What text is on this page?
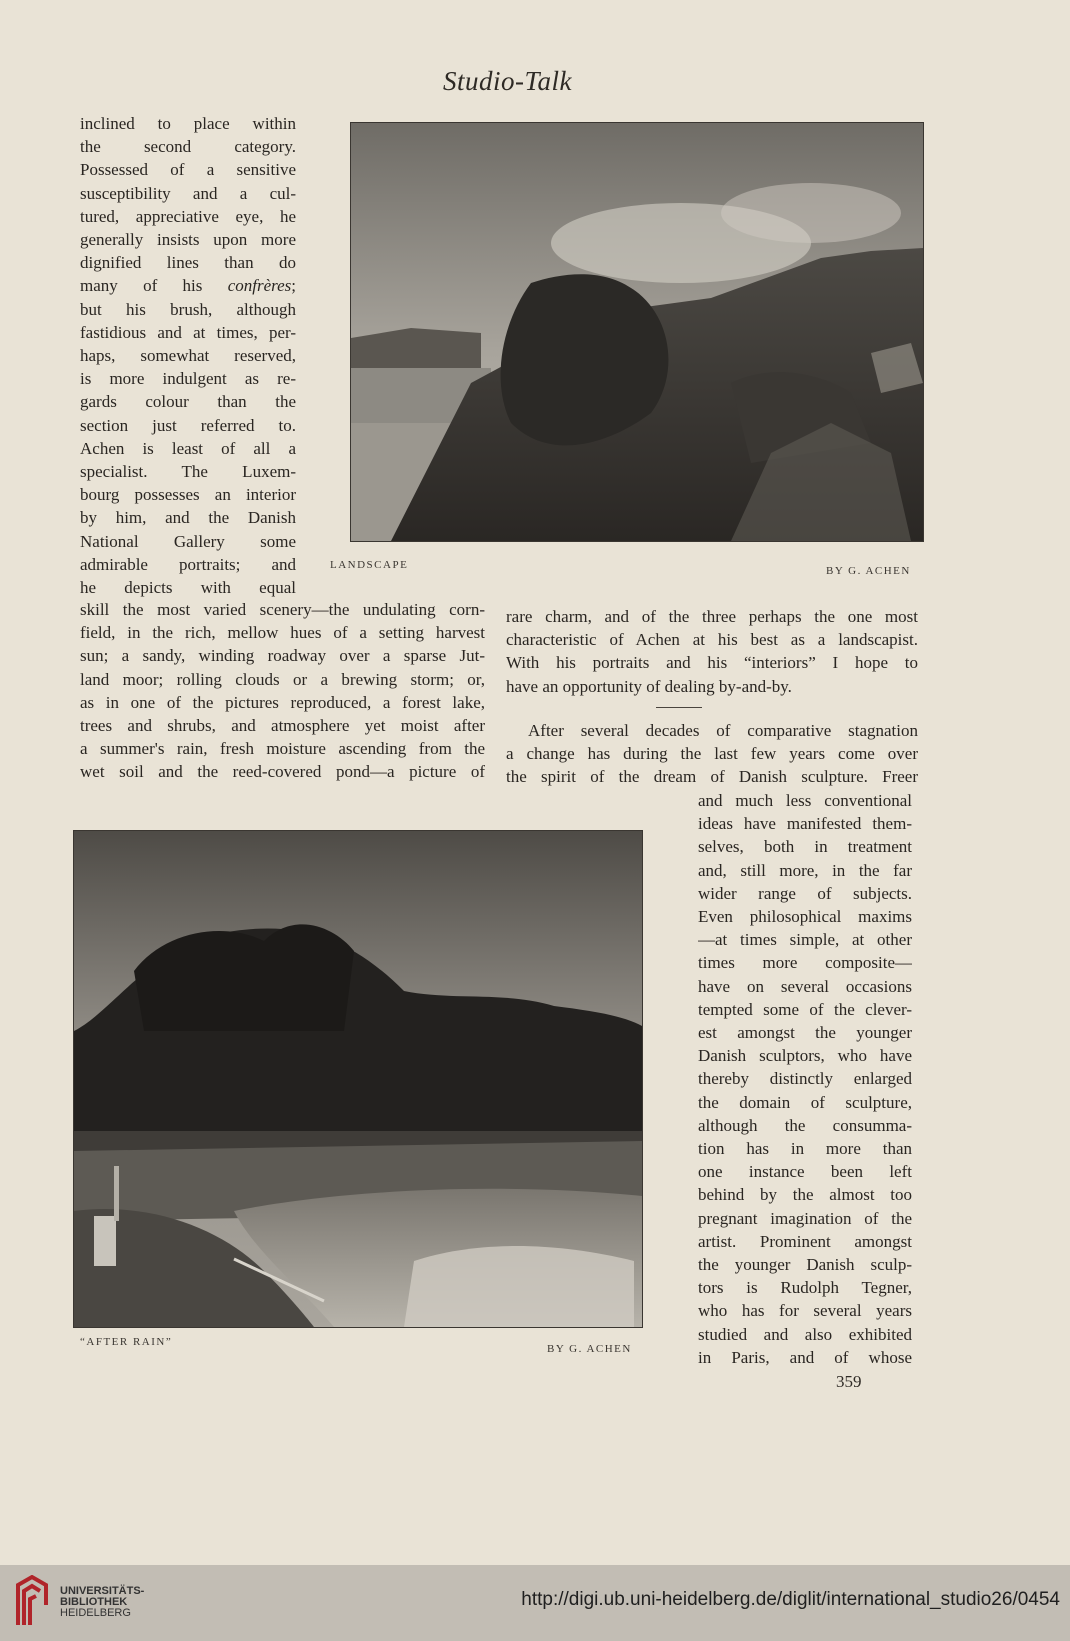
Studio-Talk
inclined to place within
the second category.
Possessed of a sensitive
susceptibility and a cul-
tured, appreciative eye, he
generally insists upon more
dignified lines than do
many of his confrères;
but his brush, although
fastidious and at times, per-
haps, somewhat reserved,
is more indulgent as re-
gards colour than the
section just referred to.
Achen is least of all a
specialist. The Luxem-
bourg possesses an interior
by him, and the Danish
National Gallery some
admirable portraits; and
he depicts with equal
LANDSCAPE	BY G. ACHEN
skill the most varied scenery—the undulating corn-
field, in the rich, mellow hues of a setting harvest
sun; a sandy, winding roadway over a sparse Jut-
land moor; rolling clouds or a brewing storm; or,
as in one of the pictures reproduced, a forest lake,
trees and shrubs, and atmosphere yet moist after
a summer's rain, fresh moisture ascending from the
wet soil and the reed-covered pond—a picture of
rare charm, and of the three perhaps the one most
characteristic of Achen at his best as a landscapist.
With his portraits and his “interiors” I hope to
have an opportunity of dealing by-and-by.
After several decades of comparative stagnation
a change has during the last few years come over
the spirit of the dream of Danish sculpture. Freer
and much less conventional
ideas have manifested them-
selves, both in treatment
and, still more, in the far
wider range of subjects.
Even philosophical maxims
—at times simple, at other
times more composite—
have on several occasions
tempted some of the clever-
est amongst the younger
Danish sculptors, who have
thereby distinctly enlarged
the domain of sculpture,
although the consumma-
tion has in more than
one instance been left
behind by the almost too
pregnant imagination of the
artist. Prominent amongst
the younger Danish sculp-
tors is Rudolph Tegner,
who has for several years
studied and also exhibited
in Paris, and of whose
“AFTER RAIN”
BY G. ACHEN
359
UNIVERSITÄTS-
BIBLIOTHEK
HEIDELBERG
http://digi.ub.uni-heidelberg.de/diglit/international_studio26/0454
